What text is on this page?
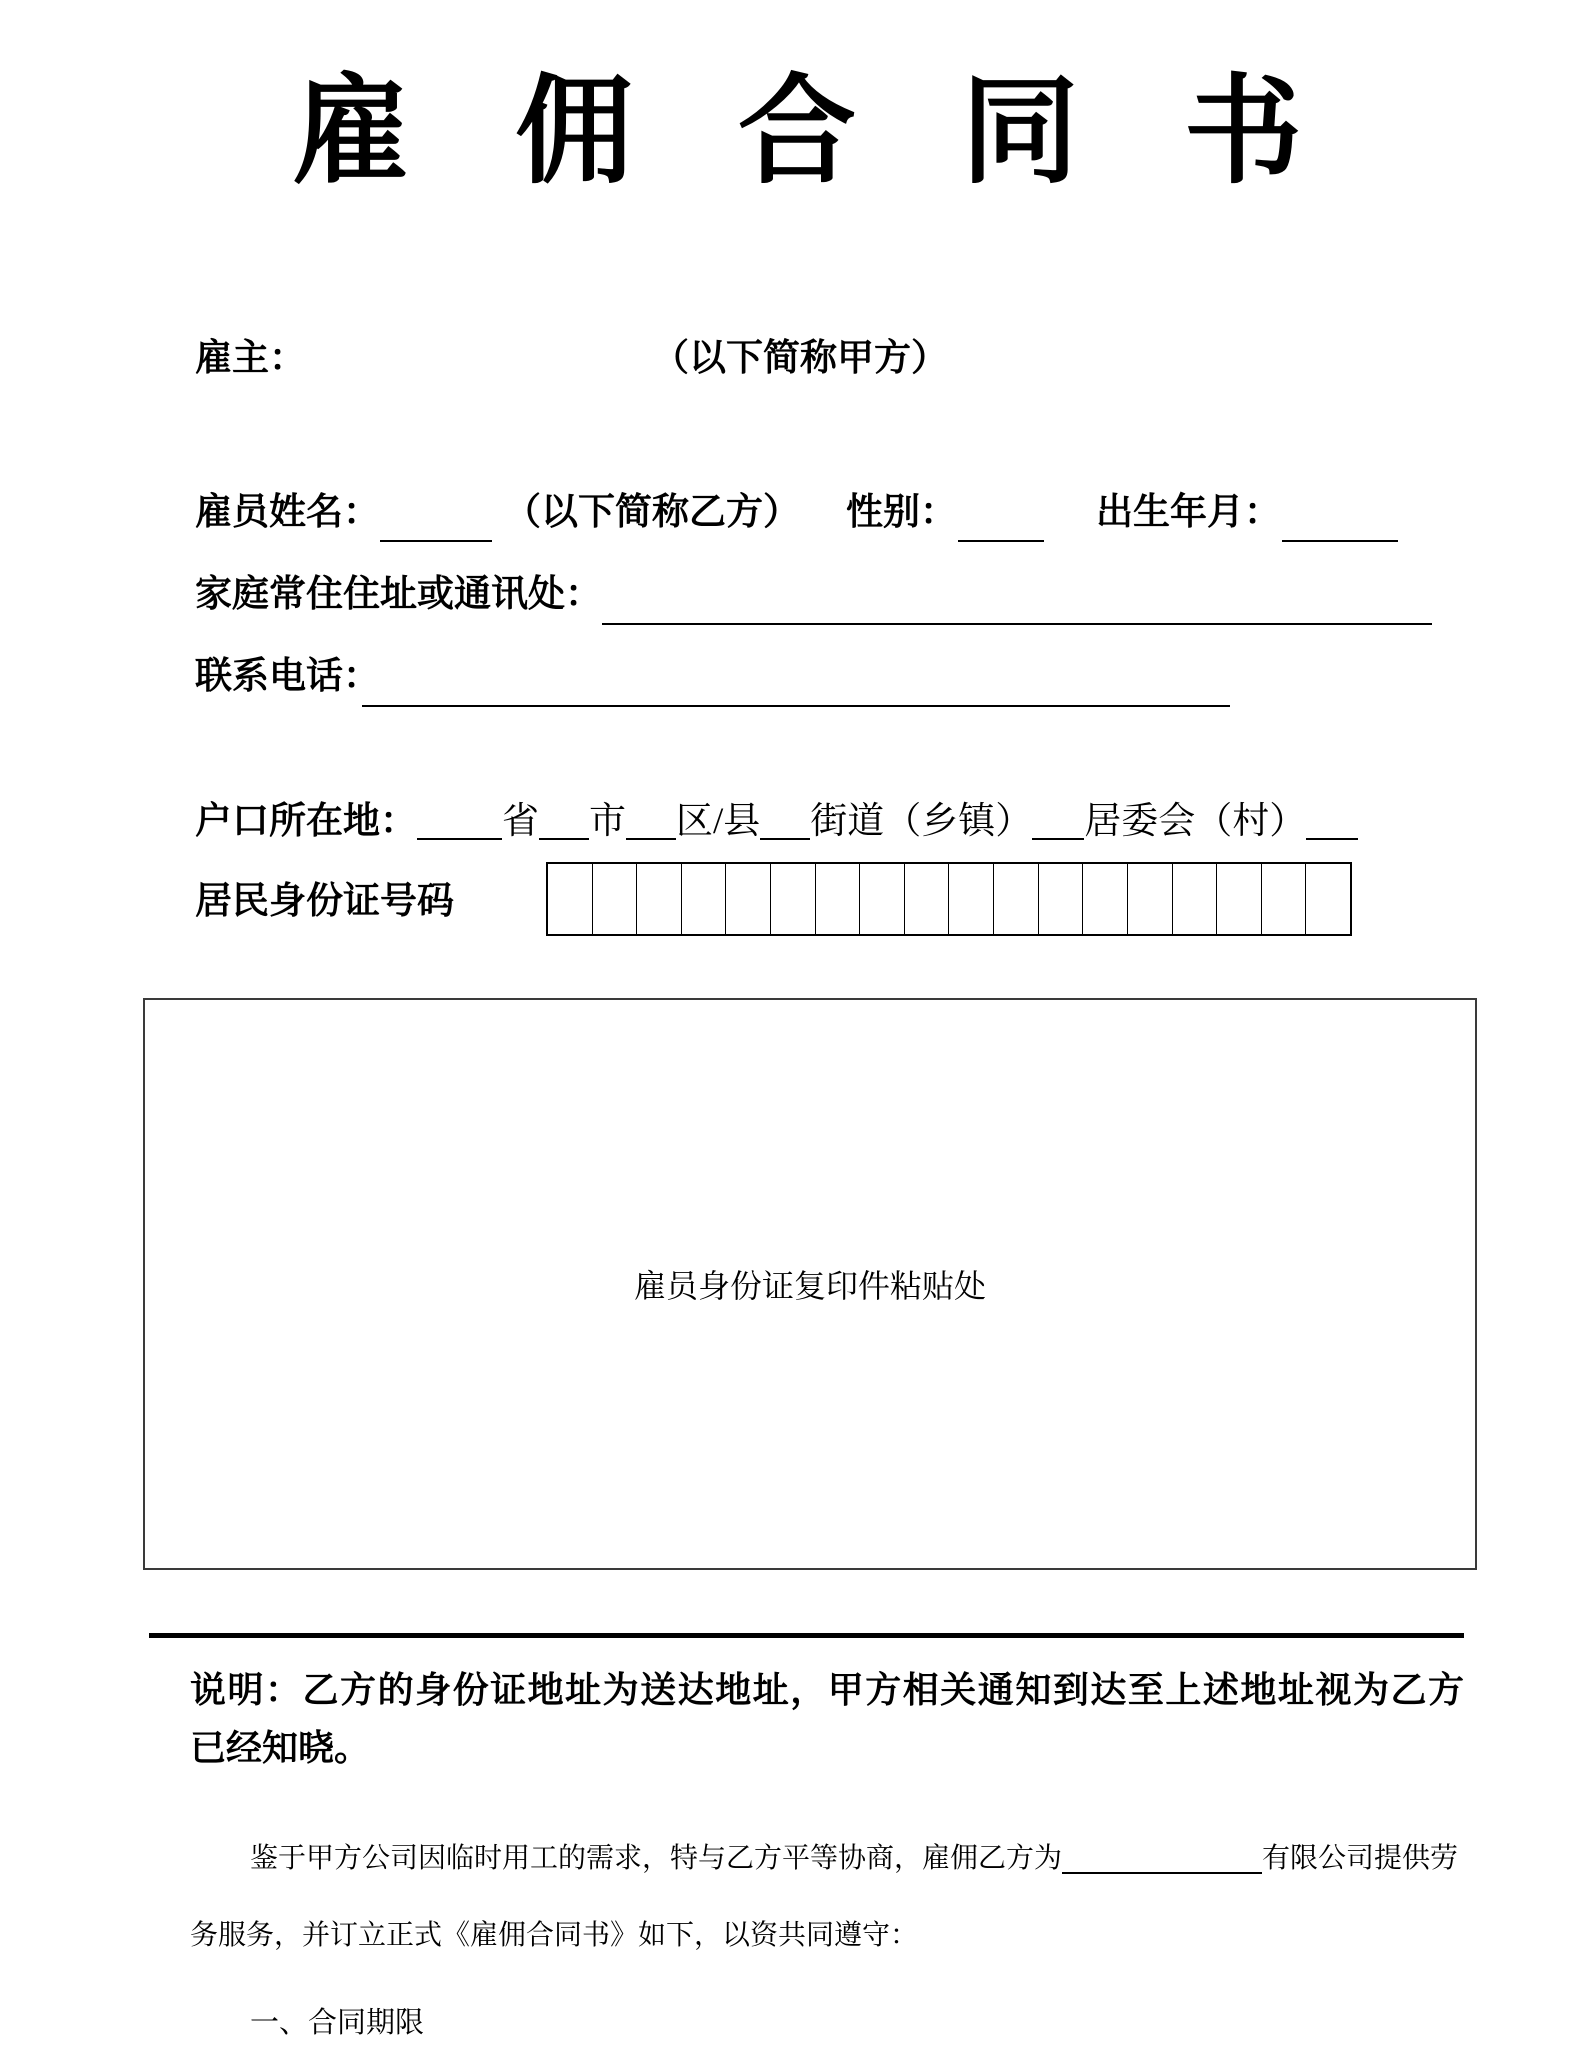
雇佣合同书
雇主：	（以下简称甲方）
雇员姓名：	（以下简称乙方） 性别：	出生年月：
家庭常住住址或通讯处：
联系电话：
户口所在地： 省 市 区/县 街道（乡镇） 居委会（村）
居民身份证号码
雇员身份证复印件粘贴处
说明：乙方的身份证地址为送达地址，甲方相关通知到达至上述地址视为乙方
已经知晓。
鉴于甲方公司因临时用工的需求，特与乙方平等协商，雇佣乙方为	有限公司提供劳
务服务，并订立正式《雇佣合同书》如下，以资共同遵守：
一、合同期限
